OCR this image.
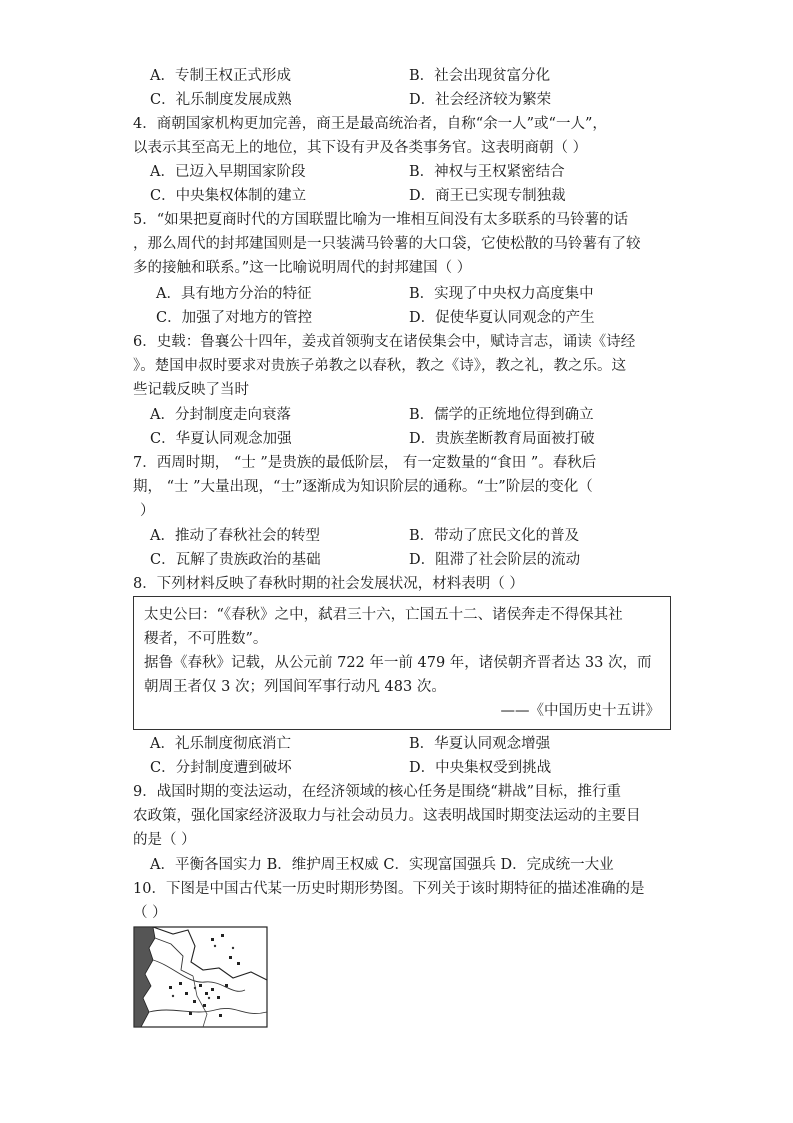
A．专制王权正式形成	B．社会出现贫富分化
C．礼乐制度发展成熟	D．社会经济较为繁荣
4．商朝国家机构更加完善，商王是最高统治者，自称“余一人”或“一人”，
以表示其至高无上的地位，其下设有尹及各类事务官。这表明商朝（ ）
A．已迈入早期国家阶段	B．神权与王权紧密结合
C．中央集权体制的建立	D．商王已实现专制独裁
5．“如果把夏商时代的方国联盟比喻为一堆相互间没有太多联系的马铃薯的话
，那么周代的封邦建国则是一只装满马铃薯的大口袋，它使松散的马铃薯有了较
多的接触和联系。”这一比喻说明周代的封邦建国（ ）
A．具有地方分治的特征	B．实现了中央权力高度集中
C．加强了对地方的管控	D．促使华夏认同观念的产生
6．史载：鲁襄公十四年，姜戎首领驹支在诸侯集会中，赋诗言志，诵读《诗经
》。楚国申叔时要求对贵族子弟教之以春秋，教之《诗》，教之礼，教之乐。这
些记载反映了当时
A．分封制度走向衰落	B．儒学的正统地位得到确立
C．华夏认同观念加强	D．贵族垄断教育局面被打破
7．西周时期， “士 ”是贵族的最低阶层， 有一定数量的“食田 ”。春秋后
期， “士 ”大量出现，“士”逐渐成为知识阶层的通称。“士”阶层的变化（
）
A．推动了春秋社会的转型	B．带动了庶民文化的普及
C．瓦解了贵族政治的基础	D．阻滞了社会阶层的流动
8．下列材料反映了春秋时期的社会发展状况，材料表明（ ）
太史公曰：“《春秋》之中，弑君三十六，亡国五十二、诸侯奔走不得保其社
稷者，不可胜数”。
据鲁《春秋》记载，从公元前 722 年一前 479 年，诸侯朝齐晋者达 33 次，而
朝周王者仅 3 次；列国间军事行动凡 483 次。
——《中国历史十五讲》
A．礼乐制度彻底消亡	B．华夏认同观念增强
C．分封制度遭到破坏	D．中央集权受到挑战
9．战国时期的变法运动，在经济领域的核心任务是围绕“耕战”目标，推行重
农政策，强化国家经济汲取力与社会动员力。这表明战国时期变法运动的主要目
的是（ ）
A．平衡各国实力 B．维护周王权威 C．实现富国强兵 D．完成统一大业
10．下图是中国古代某一历史时期形势图。下列关于该时期特征的描述准确的是
（ ）
